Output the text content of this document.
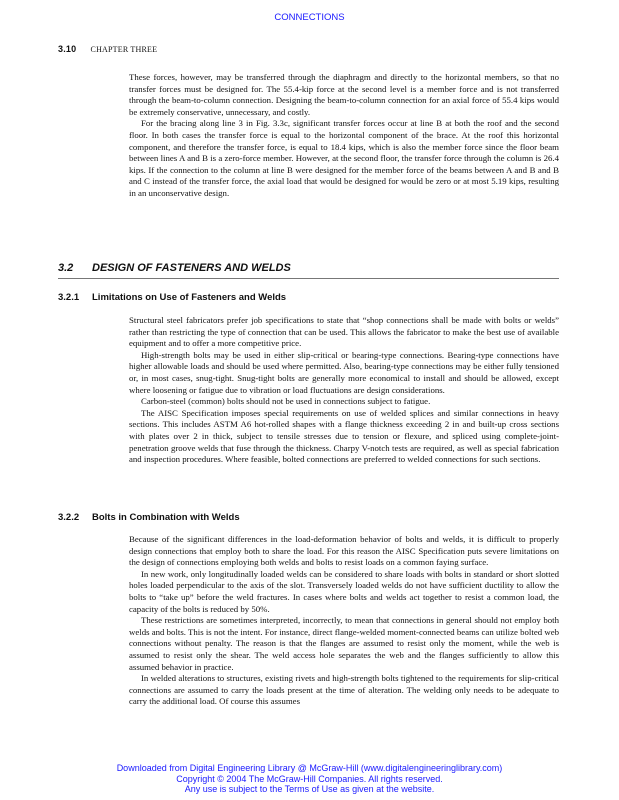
CONNECTIONS
3.10 CHAPTER THREE

These forces, however, may be transferred through the diaphragm and directly to the horizontal members, so that no transfer forces must be designed for. The 55.4-kip force at the second level is a member force and is not transferred through the beam-to-column connection. Designing the beam-to-column connection for an axial force of 55.4 kips would be extremely conservative, unnecessary, and costly.

For the bracing along line 3 in Fig. 3.3c, significant transfer forces occur at line B at both the roof and the second floor. In both cases the transfer force is equal to the horizontal component of the brace. At the roof this horizontal component, and therefore the transfer force, is equal to 18.4 kips, which is also the member force since the floor beam between lines A and B is a zero-force member. However, at the second floor, the transfer force through the column is 26.4 kips. If the connection to the column at line B were designed for the member force of the beams between A and B and B and C instead of the transfer force, the axial load that would be designed for would be zero or at most 5.19 kips, resulting in an unconservative design.

3.2 DESIGN OF FASTENERS AND WELDS
3.2.1 Limitations on Use of Fasteners and Welds

Structural steel fabricators prefer job specifications to state that “shop connections shall be made with bolts or welds” rather than restricting the type of connection that can be used. This allows the fabricator to make the best use of available equipment and to offer a more competitive price.

High-strength bolts may be used in either slip-critical or bearing-type connections. Bearing-type connections have higher allowable loads and should be used where permitted. Also, bearing-type connections may be either fully tensioned or, in most cases, snug-tight. Snug-tight bolts are generally more economical to install and should be allowed, except where loosening or fatigue due to vibration or load fluctuations are design considerations.

Carbon-steel (common) bolts should not be used in connections subject to fatigue.

The AISC Specification imposes special requirements on use of welded splices and similar connections in heavy sections. This includes ASTM A6 hot-rolled shapes with a flange thickness exceeding 2 in and built-up cross sections with plates over 2 in thick, subject to tensile stresses due to tension or flexure, and spliced using complete-joint-penetration groove welds that fuse through the thickness. Charpy V-notch tests are required, as well as special fabrication and inspection procedures. Where feasible, bolted connections are preferred to welded connections for such sections.

3.2.2 Bolts in Combination with Welds

Because of the significant differences in the load-deformation behavior of bolts and welds, it is difficult to properly design connections that employ both to share the load. For this reason the AISC Specification puts severe limitations on the design of connections employing both welds and bolts to resist loads on a common faying surface.

In new work, only longitudinally loaded welds can be considered to share loads with bolts in standard or short slotted holes loaded perpendicular to the axis of the slot. Transversely loaded welds do not have sufficient ductility to allow the bolts to “take up” before the weld fractures. In cases where bolts and welds act together to resist a common load, the capacity of the bolts is reduced by 50%.

These restrictions are sometimes interpreted, incorrectly, to mean that connections in general should not employ both welds and bolts. This is not the intent. For instance, direct flange-welded moment-connected beams can utilize bolted web connections without penalty. The reason is that the flanges are assumed to resist only the moment, while the web is assumed to resist only the shear. The weld access hole separates the web and the flanges sufficiently to allow this assumed behavior in practice.

In welded alterations to structures, existing rivets and high-strength bolts tightened to the requirements for slip-critical connections are assumed to carry the loads present at the time of alteration. The welding only needs to be adequate to carry the additional load. Of course this assumes

Downloaded from Digital Engineering Library @ McGraw-Hill (www.digitalengineeringlibrary.com)
Copyright © 2004 The McGraw-Hill Companies. All rights reserved.
Any use is subject to the Terms of Use as given at the website.
